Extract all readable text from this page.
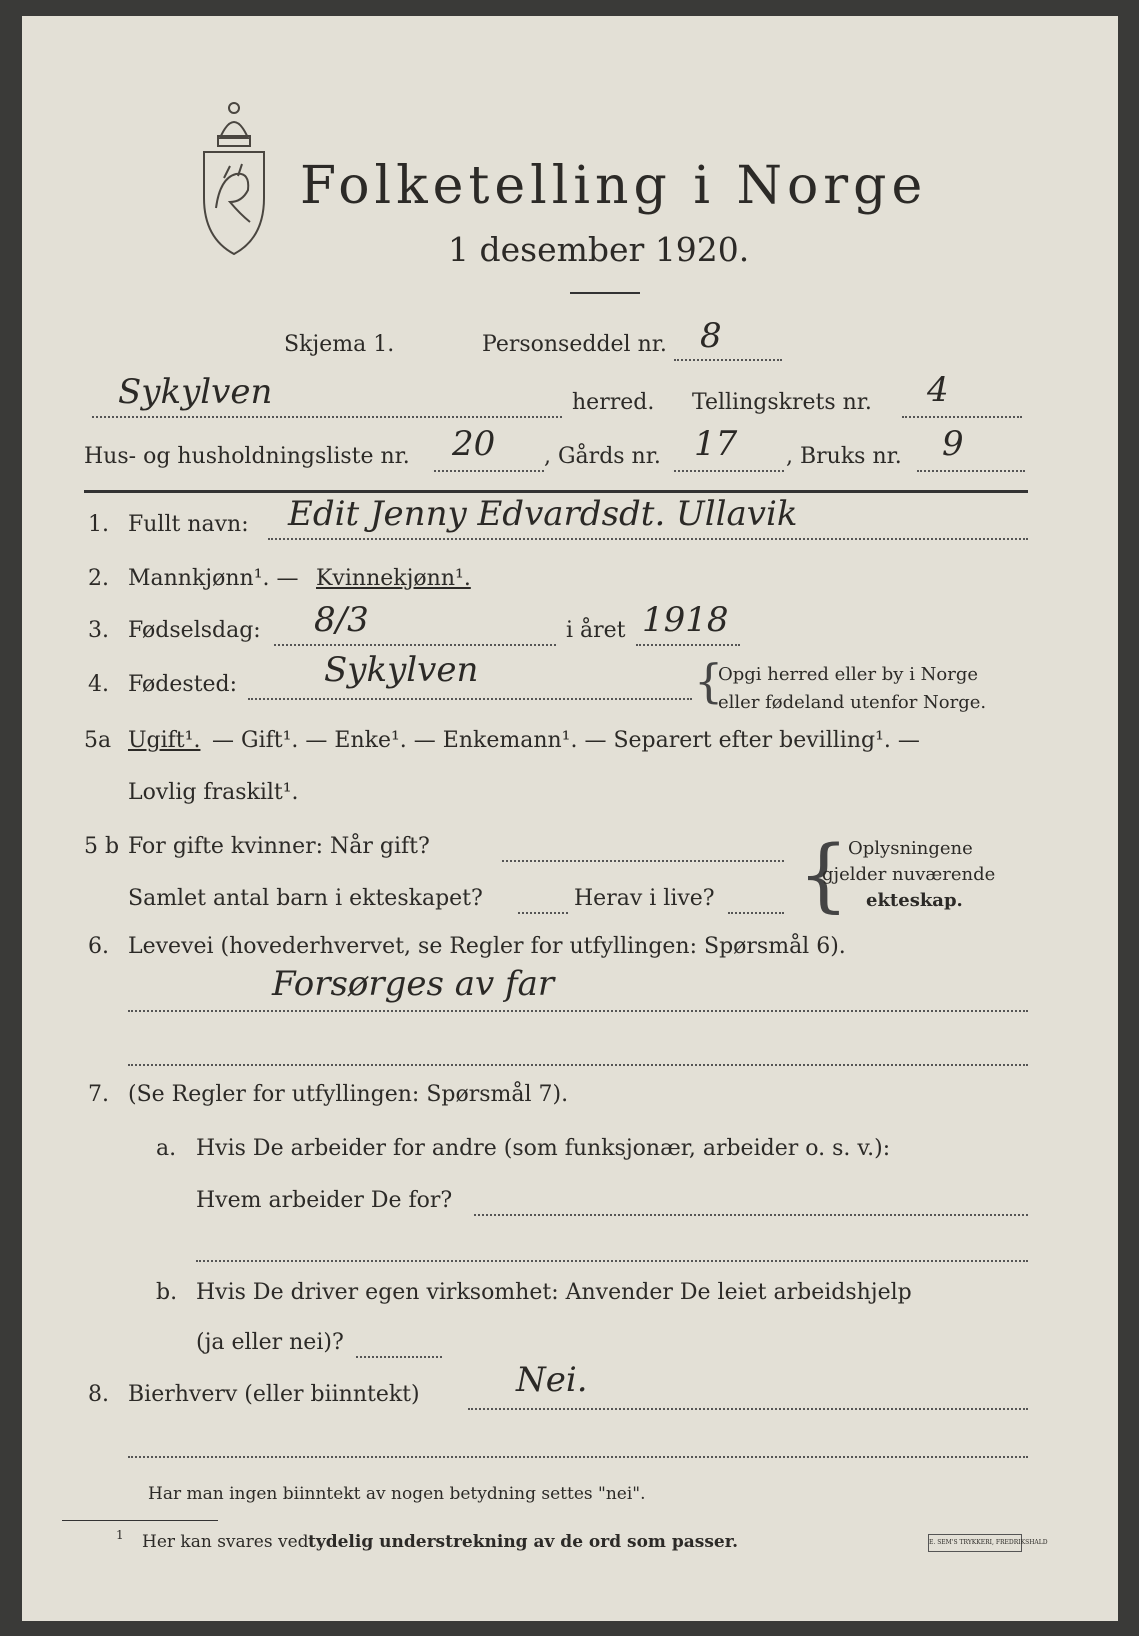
Folketelling i Norge
1 desember 1920.
Skjema 1.	Personseddel nr. 8
Sykylven	herred. Tellingskrets nr. 4
Hus- og husholdningsliste nr. 20 , Gårds nr. 17 , Bruks nr. 9
1. Fullt navn: Edit Jenny Edvardsdt. Ullavik
2. Mannkjønn¹. — Kvinnekjønn¹.
3. Fødselsdag: 8/3	i året 1918
4. Fødested:	Sykylven	{
Opgi herred eller by i Norge
eller fødeland utenfor Norge.
5a Ugift¹. — Gift¹. — Enke¹. — Enkemann¹. — Separert efter bevilling¹. —
Lovlig fraskilt¹.
5 b For gifte kvinner: Når gift?
Samlet antal barn i ekteskapet?	Herav i live? { Oplysningene
gjelder nuværende
ekteskap.
6. Levevei (hovederhvervet, se Regler for utfyllingen: Spørsmål 6).
Forsørges av far
7. (Se Regler for utfyllingen: Spørsmål 7).
a. Hvis De arbeider for andre (som funksjonær, arbeider o. s. v.):
Hvem arbeider De for?
b. Hvis De driver egen virksomhet: Anvender De leiet arbeidshjelp
(ja eller nei)?
8. Bierhverv (eller biinntekt)	Nei.
Har man ingen biinntekt av nogen betydning settes "nei".
1 Her kan svares ved tydelig understrekning av de ord som passer.	E. SEM'S TRYKKERI, FREDRIKSHALD
